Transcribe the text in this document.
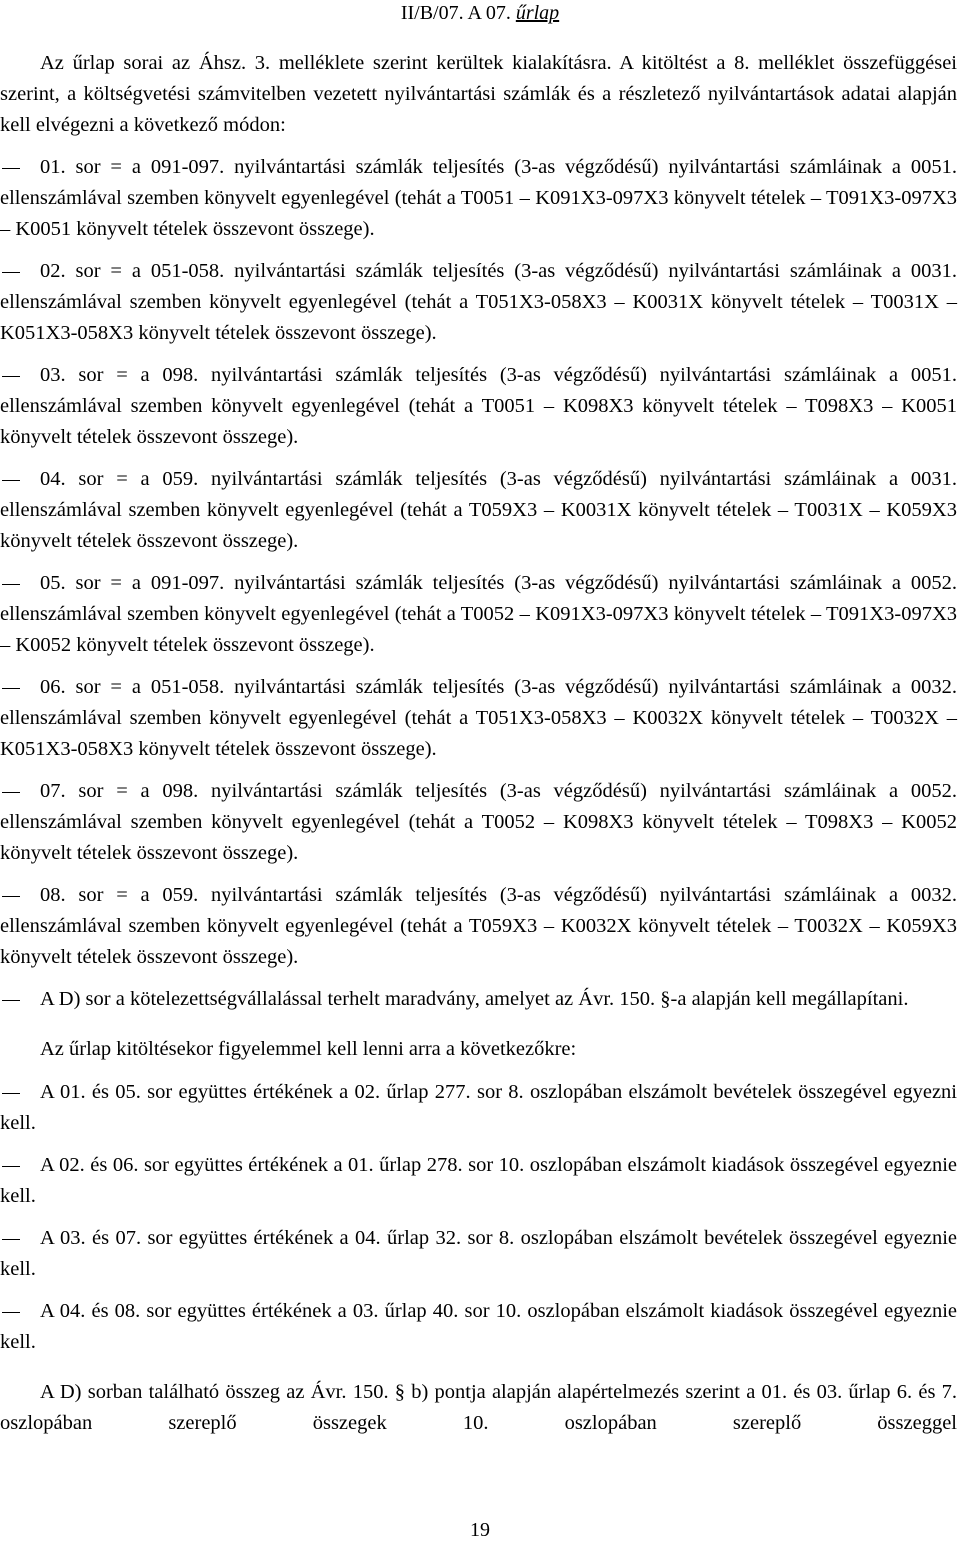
II/B/07. A 07. űrlap

Az űrlap sorai az Áhsz. 3. melléklete szerint kerültek kialakításra. A kitöltést a 8. melléklet összefüggései szerint, a költségvetési számvitelben vezetett nyilvántartási számlák és a részletező nyilvántartások adatai alapján kell elvégezni a következő módon:

01. sor = a 091-097. nyilvántartási számlák teljesítés (3-as végződésű) nyilvántartási számláinak a 0051. ellenszámlával szemben könyvelt egyenlegével (tehát a T0051 – K091X3-097X3 könyvelt tételek – T091X3-097X3 – K0051 könyvelt tételek összevont összege).

02. sor = a 051-058. nyilvántartási számlák teljesítés (3-as végződésű) nyilvántartási számláinak a 0031. ellenszámlával szemben könyvelt egyenlegével (tehát a T051X3-058X3 – K0031X könyvelt tételek – T0031X – K051X3-058X3 könyvelt tételek összevont összege).

03. sor = a 098. nyilvántartási számlák teljesítés (3-as végződésű) nyilvántartási számláinak a 0051. ellenszámlával szemben könyvelt egyenlegével (tehát a T0051 – K098X3 könyvelt tételek – T098X3 – K0051 könyvelt tételek összevont összege).

04. sor = a 059. nyilvántartási számlák teljesítés (3-as végződésű) nyilvántartási számláinak a 0031. ellenszámlával szemben könyvelt egyenlegével (tehát a T059X3 – K0031X könyvelt tételek – T0031X – K059X3 könyvelt tételek összevont összege).

05. sor = a 091-097. nyilvántartási számlák teljesítés (3-as végződésű) nyilvántartási számláinak a 0052. ellenszámlával szemben könyvelt egyenlegével (tehát a T0052 – K091X3-097X3 könyvelt tételek – T091X3-097X3 – K0052 könyvelt tételek összevont összege).

06. sor = a 051-058. nyilvántartási számlák teljesítés (3-as végződésű) nyilvántartási számláinak a 0032. ellenszámlával szemben könyvelt egyenlegével (tehát a T051X3-058X3 – K0032X könyvelt tételek – T0032X – K051X3-058X3 könyvelt tételek összevont összege).

07. sor = a 098. nyilvántartási számlák teljesítés (3-as végződésű) nyilvántartási számláinak a 0052. ellenszámlával szemben könyvelt egyenlegével (tehát a T0052 – K098X3 könyvelt tételek – T098X3 – K0052 könyvelt tételek összevont összege).

08. sor = a 059. nyilvántartási számlák teljesítés (3-as végződésű) nyilvántartási számláinak a 0032. ellenszámlával szemben könyvelt egyenlegével (tehát a T059X3 – K0032X könyvelt tételek – T0032X – K059X3 könyvelt tételek összevont összege).

A D) sor a kötelezettségvállalással terhelt maradvány, amelyet az Ávr. 150. §-a alapján kell megállapítani.

Az űrlap kitöltésekor figyelemmel kell lenni arra a következőkre:

A 01. és 05. sor együttes értékének a 02. űrlap 277. sor 8. oszlopában elszámolt bevételek összegével egyezni kell.

A 02. és 06. sor együttes értékének a 01. űrlap 278. sor 10. oszlopában elszámolt kiadások összegével egyeznie kell.

A 03. és 07. sor együttes értékének a 04. űrlap 32. sor 8. oszlopában elszámolt bevételek összegével egyeznie kell.

A 04. és 08. sor együttes értékének a 03. űrlap 40. sor 10. oszlopában elszámolt kiadások összegével egyeznie kell.

A D) sorban található összeg az Ávr. 150. § b) pontja alapján alapértelmezés szerint a 01. és 03. űrlap 6. és 7. oszlopában szereplő összegek 10. oszlopában szereplő összeggel

19
